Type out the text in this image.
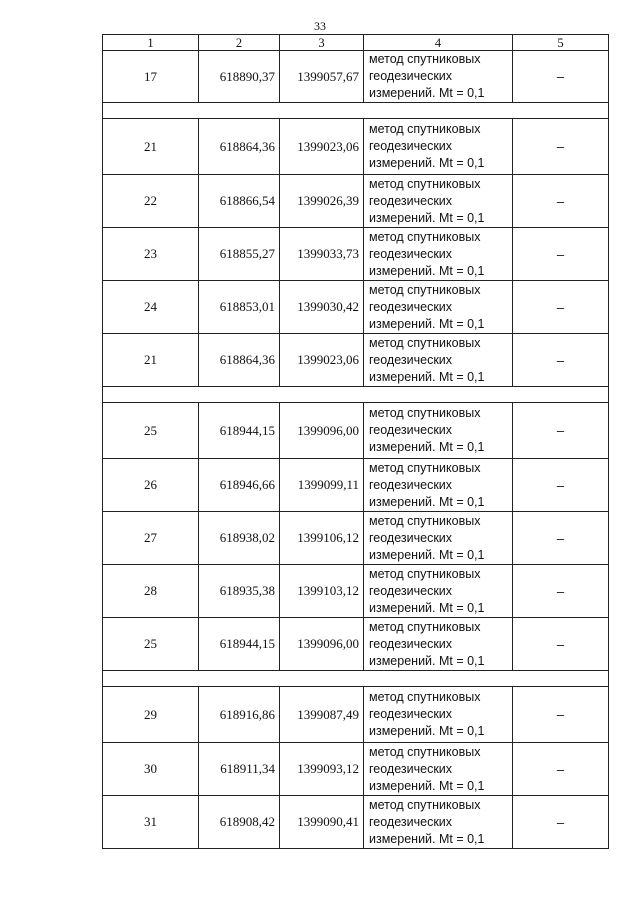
33
1	2	3	4	5
17	618890,37	1399057,67	метод спутниковых
геодезических
измерений. Mt = 0,1	–

21	618864,36	1399023,06	метод спутниковых
геодезических
измерений. Mt = 0,1	–
22	618866,54	1399026,39	метод спутниковых
геодезических
измерений. Mt = 0,1	–
23	618855,27	1399033,73	метод спутниковых
геодезических
измерений. Mt = 0,1	–
24	618853,01	1399030,42	метод спутниковых
геодезических
измерений. Mt = 0,1	–
21	618864,36	1399023,06	метод спутниковых
геодезических
измерений. Mt = 0,1	–

25	618944,15	1399096,00	метод спутниковых
геодезических
измерений. Mt = 0,1	–
26	618946,66	1399099,11	метод спутниковых
геодезических
измерений. Mt = 0,1	–
27	618938,02	1399106,12	метод спутниковых
геодезических
измерений. Mt = 0,1	–
28	618935,38	1399103,12	метод спутниковых
геодезических
измерений. Mt = 0,1	–
25	618944,15	1399096,00	метод спутниковых
геодезических
измерений. Mt = 0,1	–

29	618916,86	1399087,49	метод спутниковых
геодезических
измерений. Mt = 0,1	–
30	618911,34	1399093,12	метод спутниковых
геодезических
измерений. Mt = 0,1	–
31	618908,42	1399090,41	метод спутниковых
геодезических
измерений. Mt = 0,1	–
